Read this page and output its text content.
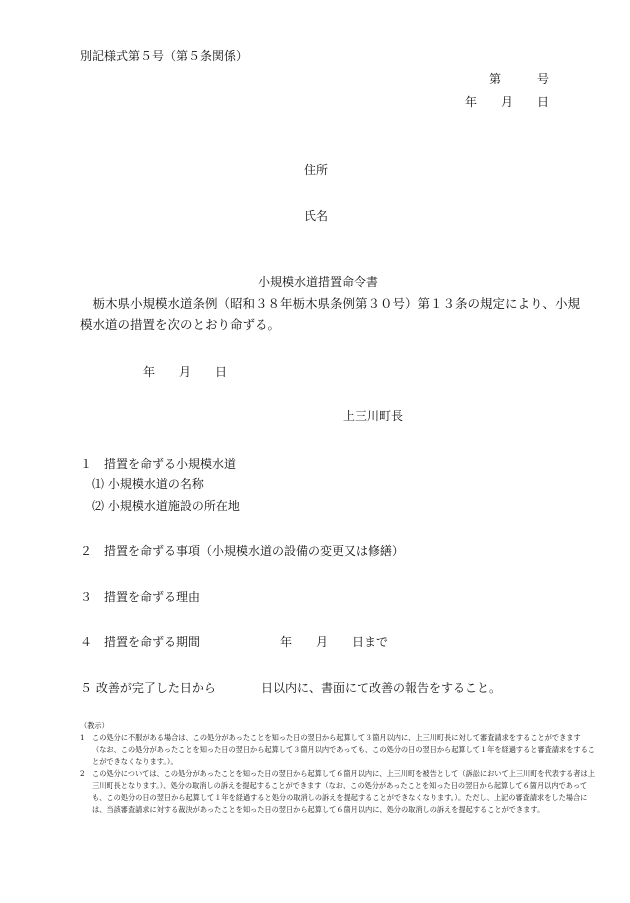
別記様式第５号（第５条関係）
第　　　号
年　　月　　日
住所
氏名
小規模水道措置命令書
栃木県小規模水道条例（昭和３８年栃木県条例第３０号）第１３条の規定により、小規模水道の措置を次のとおり命ずる。
年　　月　　日
上三川町長
１　措置を命ずる小規模水道
⑴ 小規模水道の名称
⑵ 小規模水道施設の所在地
２　措置を命ずる事項（小規模水道の設備の変更又は修繕）
３　措置を命ずる理由
４　措置を命ずる期間	年　　月　　日まで
５ 改善が完了した日から	日以内に、書面にて改善の報告をすること。

（教示）

1	この処分に不服がある場合は、この処分があったことを知った日の翌日から起算して３箇月以内に、上三川町長に対して審査請求をすることができます（なお、この処分があったことを知った日の翌日から起算して３箇月以内であっても、この処分の日の翌日から起算して１年を経過すると審査請求をすることができなくなります。）。
2	この処分については、この処分があったことを知った日の翌日から起算して６箇月以内に、上三川町を被告として（訴訟において上三川町を代表する者は上三川町長となります。）、処分の取消しの訴えを提起することができます（なお、この処分があったことを知った日の翌日から起算して６箇月以内であっても、この処分の日の翌日から起算して１年を経過すると処分の取消しの訴えを提起することができなくなります。）。ただし、上記の審査請求をした場合には、当該審査請求に対する裁決があったことを知った日の翌日から起算して６箇月以内に、処分の取消しの訴えを提起することができます。
